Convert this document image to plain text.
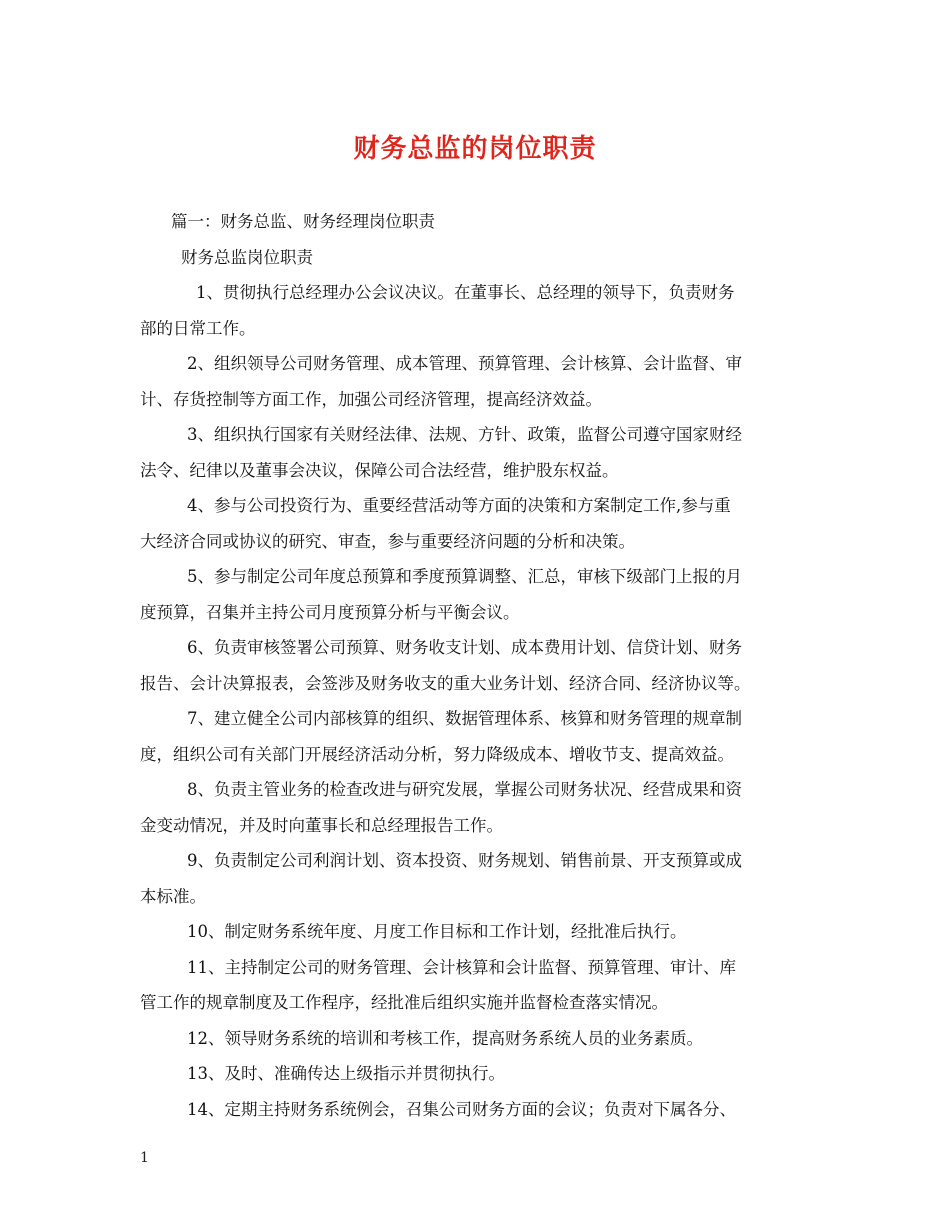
财务总监的岗位职责
篇一：财务总监、财务经理岗位职责
财务总监岗位职责
1、贯彻执行总经理办公会议决议。在董事长、总经理的领导下，负责财务
部的日常工作。
2、组织领导公司财务管理、成本管理、预算管理、会计核算、会计监督、审
计、存货控制等方面工作，加强公司经济管理，提高经济效益。
3、组织执行国家有关财经法律、法规、方针、政策，监督公司遵守国家财经
法令、纪律以及董事会决议，保障公司合法经营，维护股东权益。
4、参与公司投资行为、重要经营活动等方面的决策和方案制定工作,参与重
大经济合同或协议的研究、审查，参与重要经济问题的分析和决策。
5、参与制定公司年度总预算和季度预算调整、汇总，审核下级部门上报的月
度预算，召集并主持公司月度预算分析与平衡会议。
6、负责审核签署公司预算、财务收支计划、成本费用计划、信贷计划、财务
报告、会计决算报表，会签涉及财务收支的重大业务计划、经济合同、经济协议等。
7、建立健全公司内部核算的组织、数据管理体系、核算和财务管理的规章制
度，组织公司有关部门开展经济活动分析，努力降级成本、增收节支、提高效益。
8、负责主管业务的检查改进与研究发展，掌握公司财务状况、经营成果和资
金变动情况，并及时向董事长和总经理报告工作。
9、负责制定公司利润计划、资本投资、财务规划、销售前景、开支预算或成
本标准。
10、制定财务系统年度、月度工作目标和工作计划，经批准后执行。
11、主持制定公司的财务管理、会计核算和会计监督、预算管理、审计、库
管工作的规章制度及工作程序，经批准后组织实施并监督检查落实情况。
12、领导财务系统的培训和考核工作，提高财务系统人员的业务素质。
13、及时、准确传达上级指示并贯彻执行。
14、定期主持财务系统例会，召集公司财务方面的会议；负责对下属各分、
1
